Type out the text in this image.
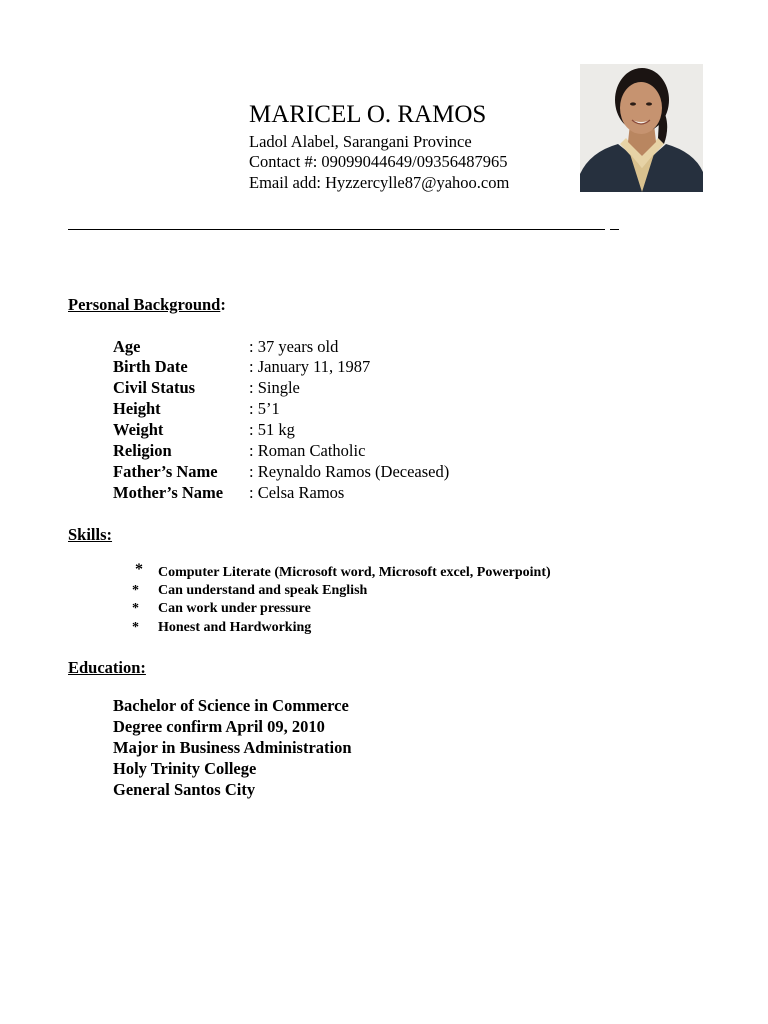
MARICEL O. RAMOS
Ladol Alabel, Sarangani Province
Contact #: 09099044649/09356487965
Email add: Hyzzercylle87@yahoo.com
Personal Background:
Age	: 37 years old
Birth Date	: January 11, 1987
Civil Status	: Single
Height	: 5’1
Weight	: 51 kg
Religion	: Roman Catholic
Father’s Name : Reynaldo Ramos (Deceased)
Mother’s Name : Celsa Ramos
Skills:
* Computer Literate (Microsoft word, Microsoft excel, Powerpoint)
* Can understand and speak English
* Can work under pressure
* Honest and Hardworking
Education:
Bachelor of Science in Commerce
Degree confirm April 09, 2010
Major in Business Administration
Holy Trinity College
General Santos City
